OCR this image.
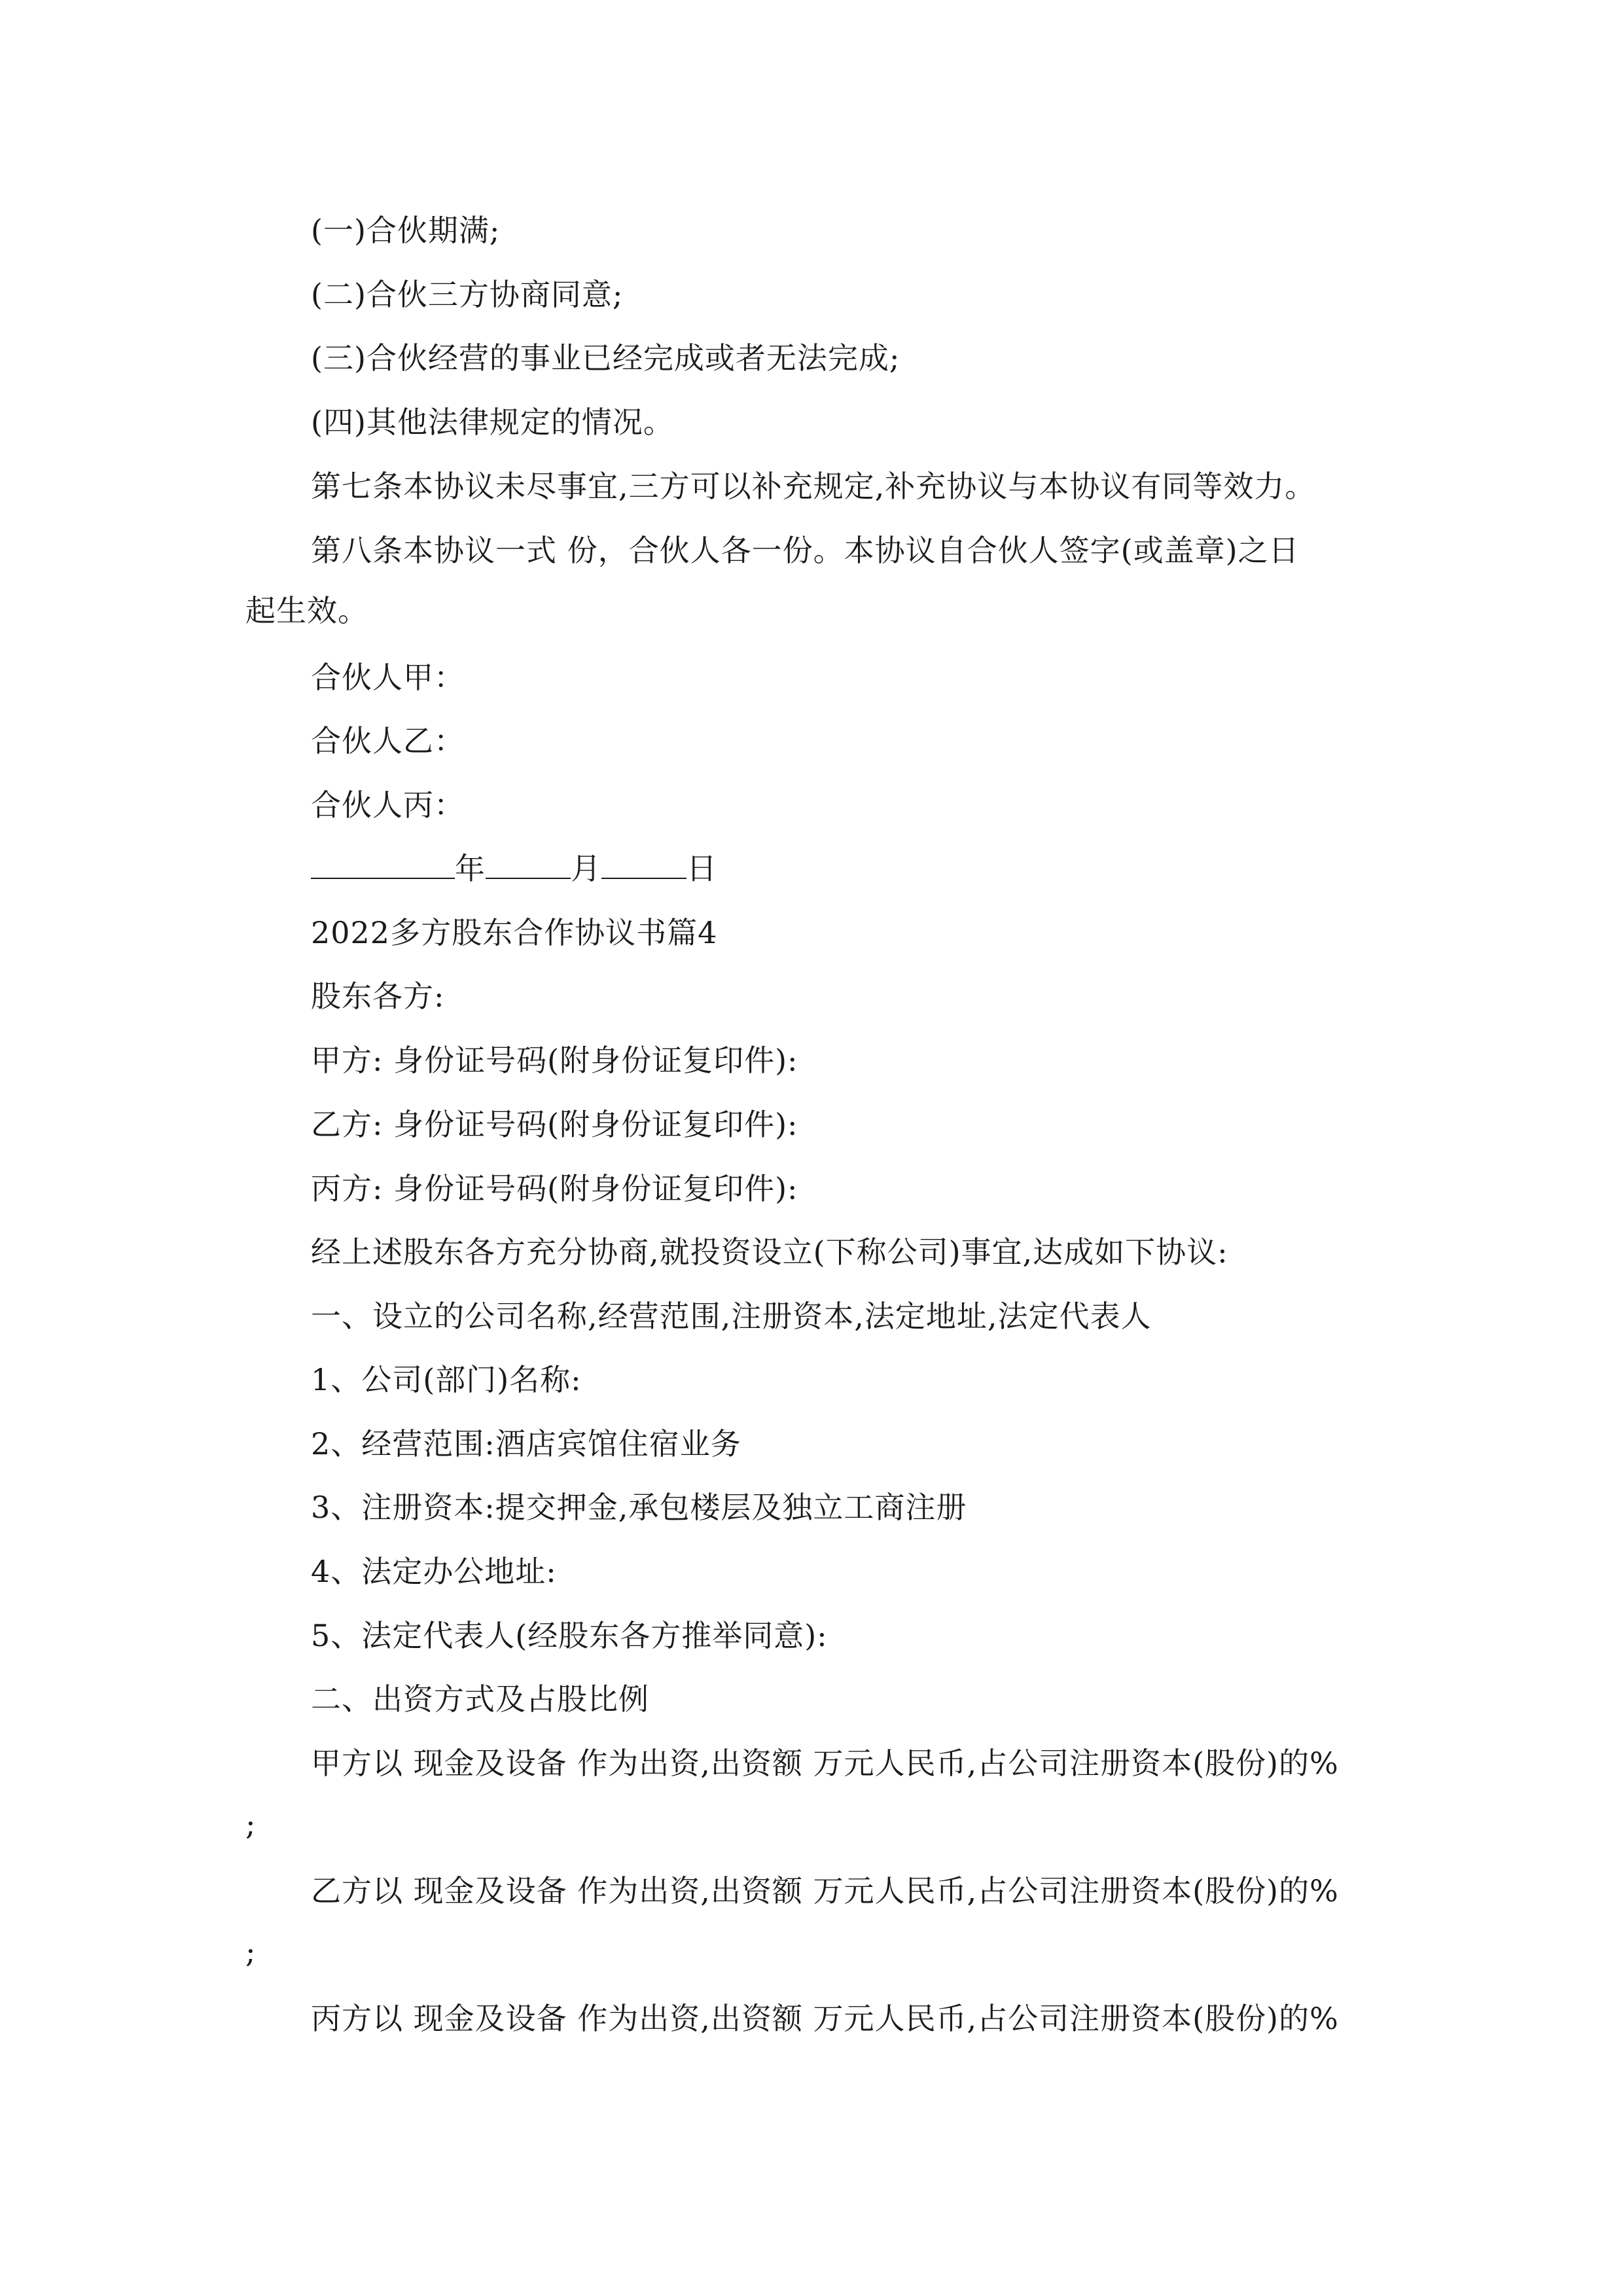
(一)合伙期满;
(二)合伙三方协商同意;
(三)合伙经营的事业已经完成或者无法完成;
(四)其他法律规定的情况。
第七条本协议未尽事宜,三方可以补充规定,补充协议与本协议有同等效力。
第八条本协议一式 份，合伙人各一份。本协议自合伙人签字(或盖章)之日
起生效。
合伙人甲：
合伙人乙：
合伙人丙：
年	月	日
2022多方股东合作协议书篇4
股东各方:
甲方: 身份证号码(附身份证复印件):
乙方: 身份证号码(附身份证复印件):
丙方: 身份证号码(附身份证复印件):
经上述股东各方充分协商,就投资设立(下称公司)事宜,达成如下协议:
一、设立的公司名称,经营范围,注册资本,法定地址,法定代表人
1、公司(部门)名称:
2、经营范围:酒店宾馆住宿业务
3、注册资本:提交押金,承包楼层及独立工商注册
4、法定办公地址:
5、法定代表人(经股东各方推举同意):
二、出资方式及占股比例
甲方以 现金及设备 作为出资,出资额 万元人民币,占公司注册资本(股份)的%
;
乙方以 现金及设备 作为出资,出资额 万元人民币,占公司注册资本(股份)的%
;
丙方以 现金及设备 作为出资,出资额 万元人民币,占公司注册资本(股份)的%
